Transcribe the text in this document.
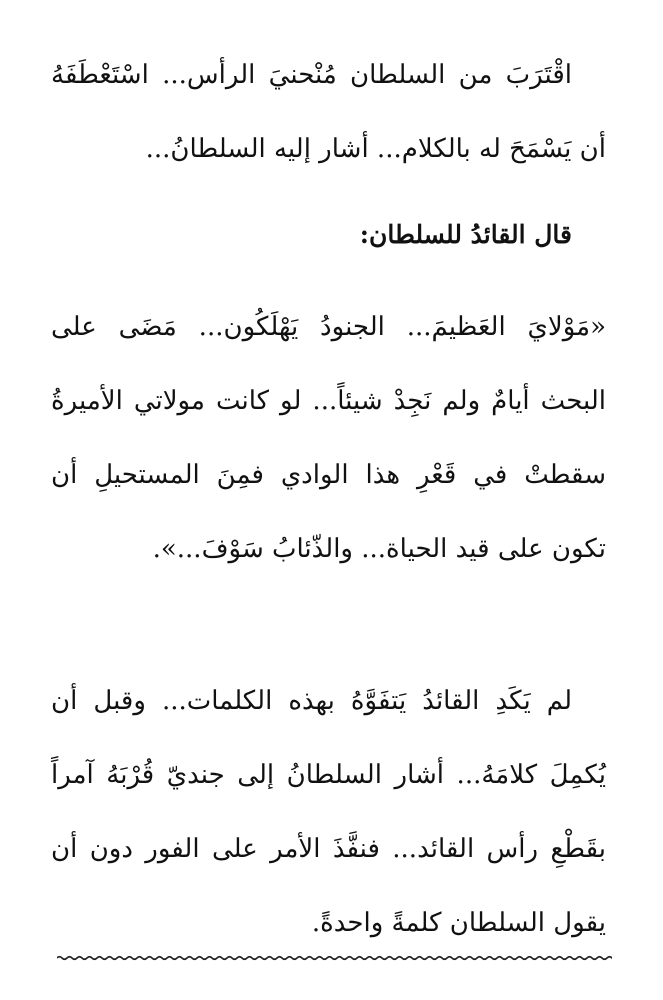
اقْتَرَبَ من السلطان مُنْحنيَ الرأس... اسْتَعْطَفَهُ أن يَسْمَحَ له بالكلام... أشار إليه السلطانُ...

قال القائدُ للسلطان:

«مَوْلايَ العَظيمَ... الجنودُ يَهْلَكُون... مَضَى على البحث أيامٌ ولم نَجِدْ شيئاً... لو كانت مولاتي الأميرةُ سقطتْ في قَعْرِ هذا الوادي فمِنَ المستحيلِ أن تكون على قيد الحياة... والذّئابُ سَوْفَ...».

لم يَكَدِ القائدُ يَتفَوَّهُ بهذه الكلمات... وقبل أن يُكمِلَ كلامَهُ... أشار السلطانُ إلى جنديّ قُرْبَهُ آمراً بقَطْعِ رأس القائد... فنفَّذَ الأمر على الفور دون أن يقول السلطان كلمةً واحدةً.
